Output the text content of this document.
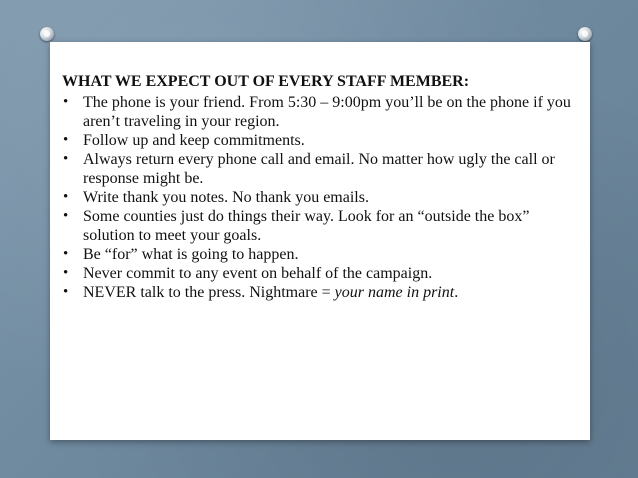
WHAT WE EXPECT OUT OF EVERY STAFF MEMBER:
• The phone is your friend. From 5:30 – 9:00pm you’ll be on the phone if you aren’t traveling in your region.
• Follow up and keep commitments.
• Always return every phone call and email. No matter how ugly the call or response might be.
• Write thank you notes. No thank you emails.
• Some counties just do things their way. Look for an “outside the box” solution to meet your goals.
• Be “for” what is going to happen.
• Never commit to any event on behalf of the campaign.
• NEVER talk to the press. Nightmare = your name in print.
